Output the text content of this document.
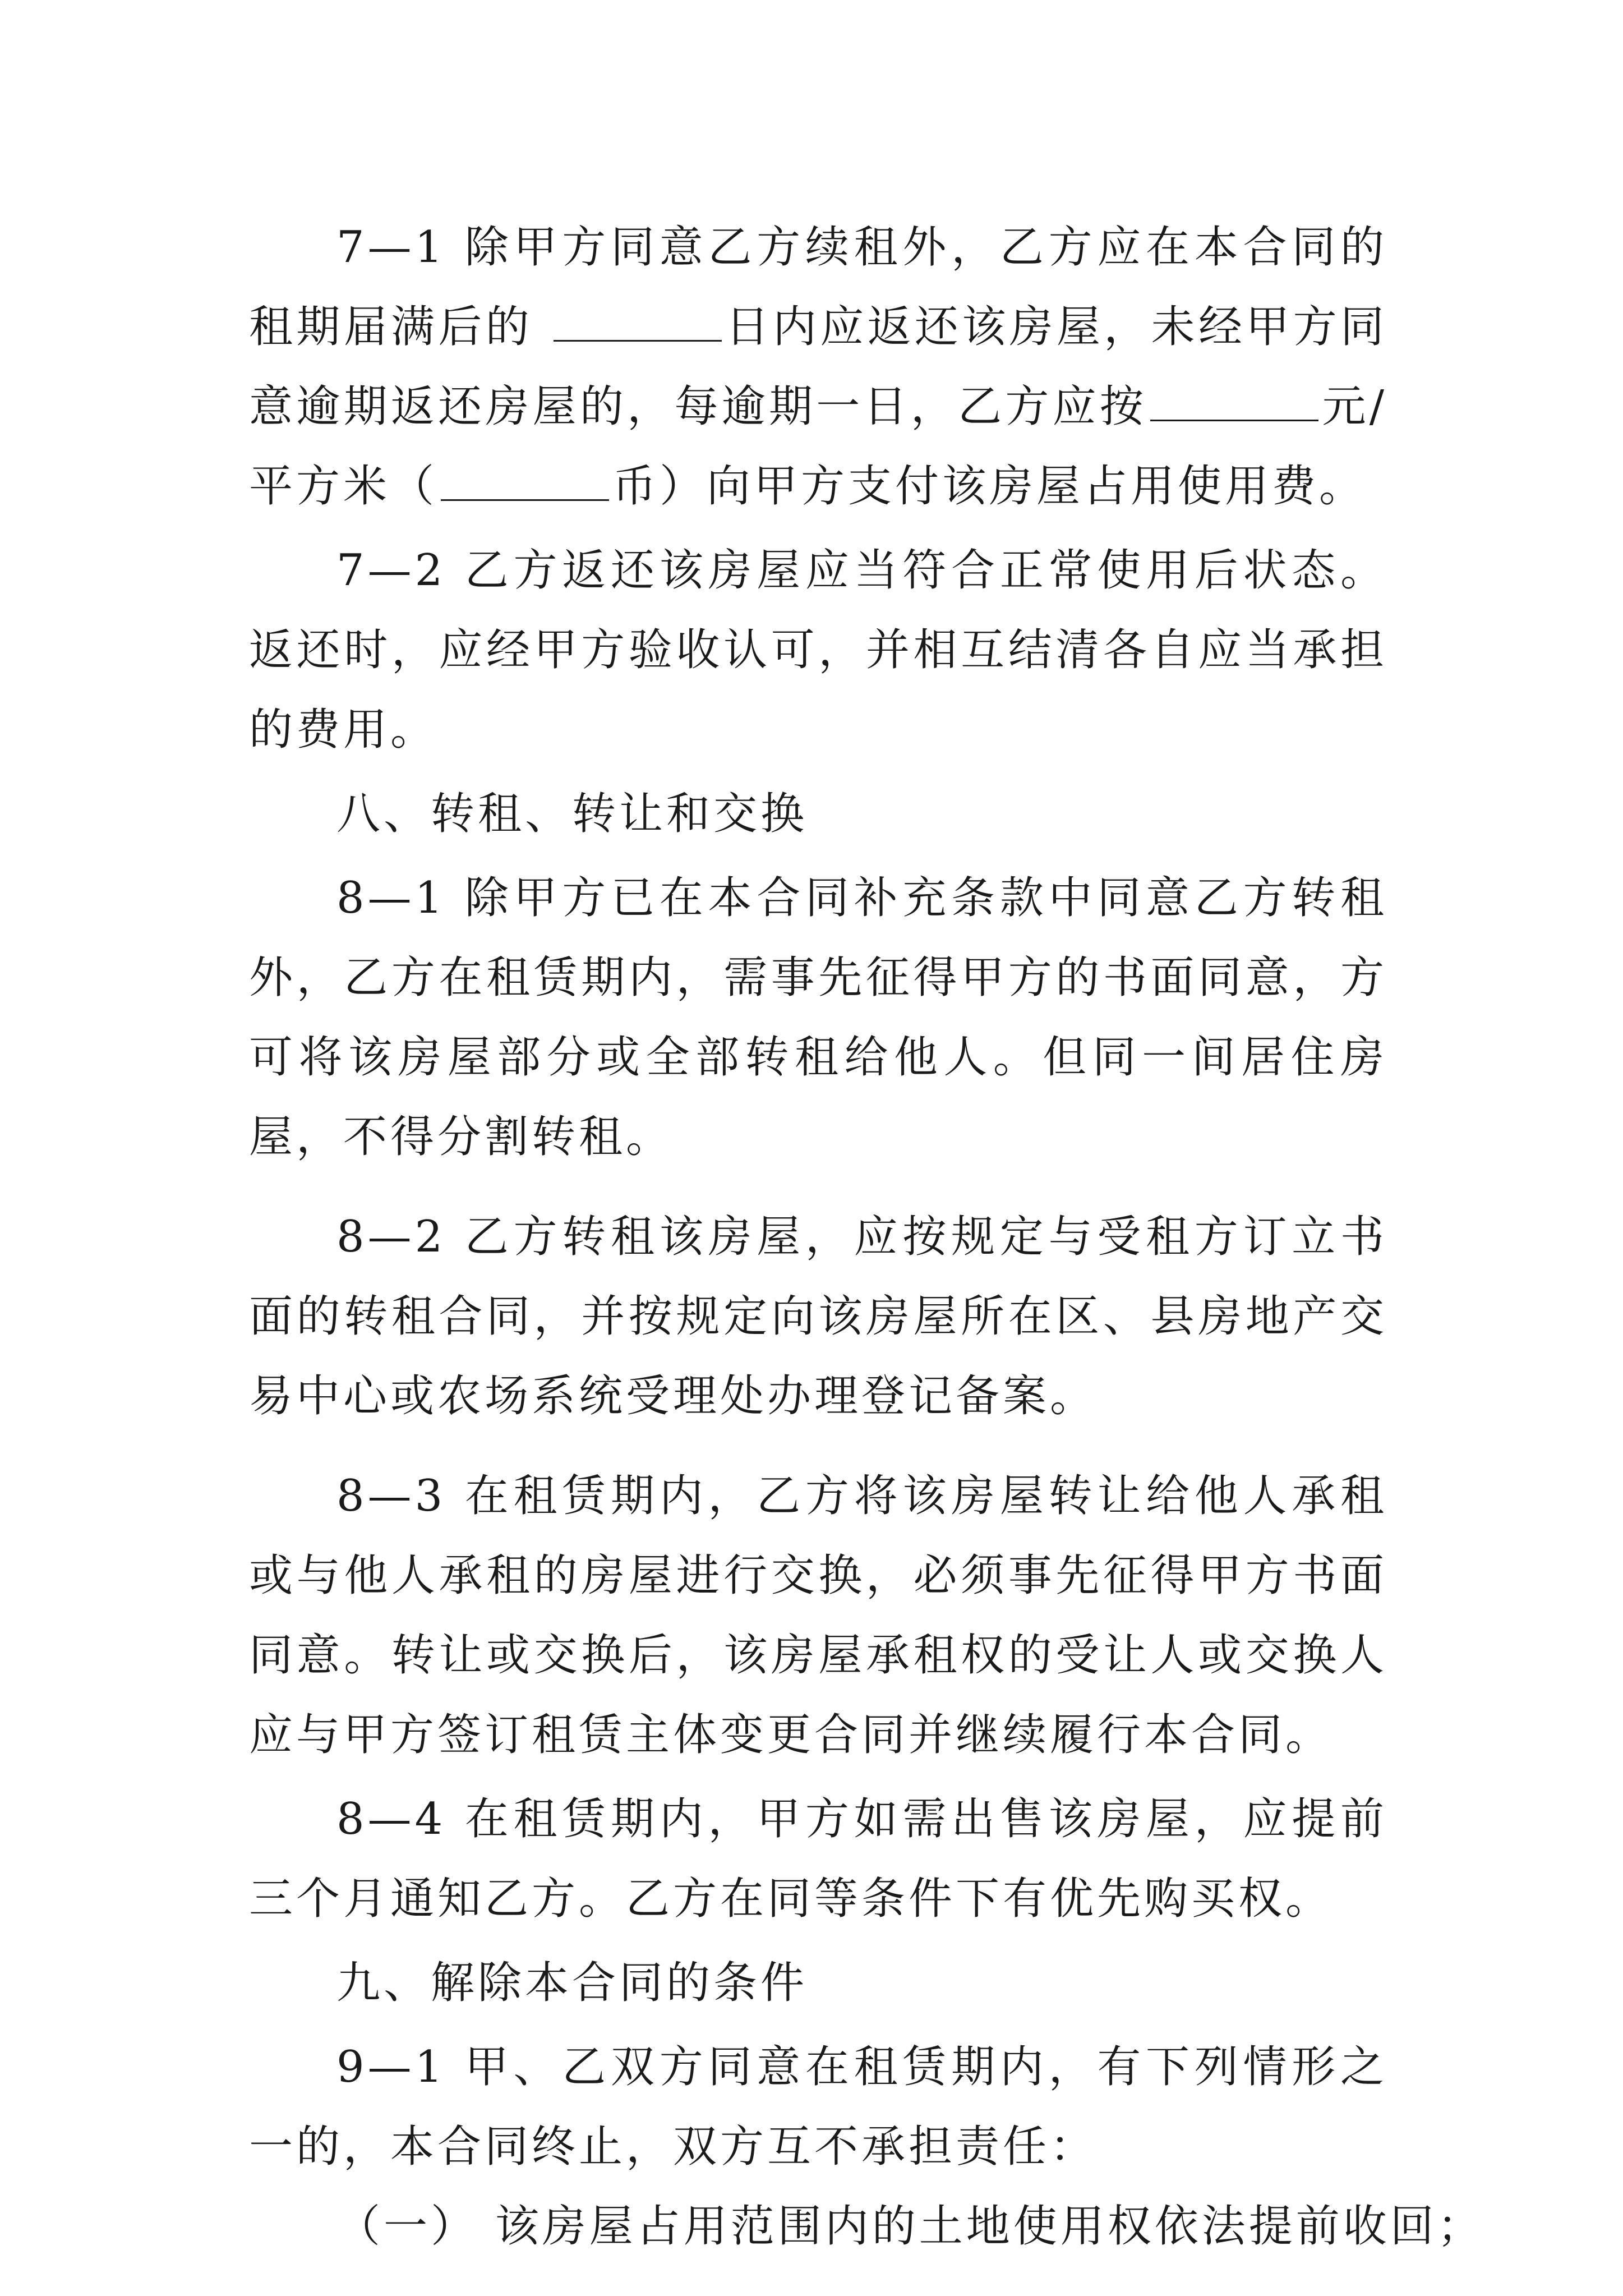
7—1 除甲方同意乙方续租外，乙方应在本合同的租期届满后的	日内应返还该房屋，未经甲方同意逾期返还房屋的，每逾期一日，乙方应按	元/平方米（	币）向甲方支付该房屋占用使用费。

7—2 乙方返还该房屋应当符合正常使用后状态。返还时，应经甲方验收认可，并相互结清各自应当承担的费用。

八、转租、转让和交换

8—1 除甲方已在本合同补充条款中同意乙方转租外，乙方在租赁期内，需事先征得甲方的书面同意，方可将该房屋部分或全部转租给他人。但同一间居住房屋，不得分割转租。

8—2 乙方转租该房屋，应按规定与受租方订立书面的转租合同，并按规定向该房屋所在区、县房地产交易中心或农场系统受理处办理登记备案。

8—3 在租赁期内，乙方将该房屋转让给他人承租或与他人承租的房屋进行交换，必须事先征得甲方书面同意。转让或交换后，该房屋承租权的受让人或交换人应与甲方签订租赁主体变更合同并继续履行本合同。

8—4 在租赁期内，甲方如需出售该房屋，应提前三个月通知乙方。乙方在同等条件下有优先购买权。

九、解除本合同的条件

9—1 甲、乙双方同意在租赁期内，有下列情形之一的，本合同终止，双方互不承担责任：

（一） 该房屋占用范围内的土地使用权依法提前收回；
